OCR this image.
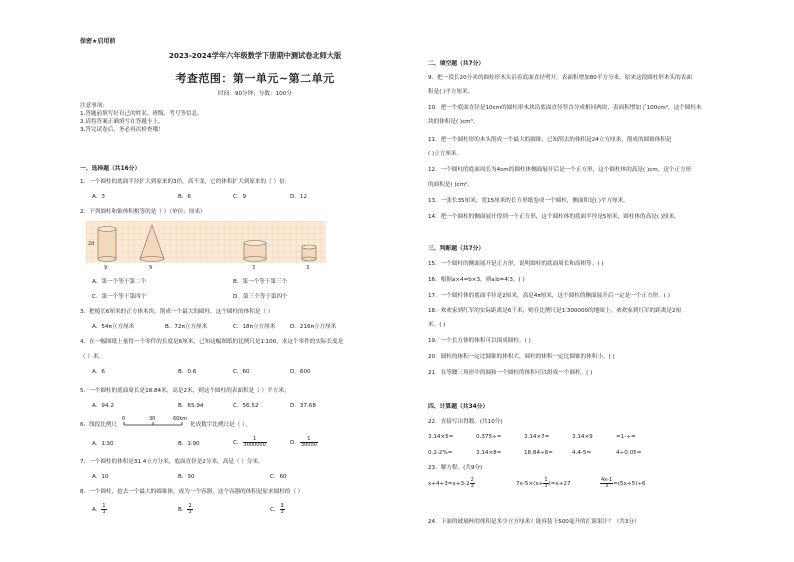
保密★启用前
2023-2024学年六年级数学下册期中测试卷北师大版
考查范围：第一单元~第二单元
时间：90分钟；分数：100分
注意事项：
1.答题前填写好自己的姓名、班级、考号等信息。
2.请将答案正确填写在答题卡上。
3.答完试卷后，务必再次检查哦！
一、选择题（共16分）
1．一个圆柱的底面半径扩大到原来的3倍，高不变，它的体积扩大到原来的（ ）倍。
A．3	B．6	C．9	D．12
2．下列圆柱和锥体积相等的是（ ）（单位：厘米）
2d
9	9	3	3
A．第一个等于第二个	B．第一个等于第三个
C．第一个等于第四个	D．第三个等于第四个
3．把棱长6厘米的正方体木块，削成一个最大的圆柱，这个圆柱的体积是（ ）
A．54π立方厘米	B．72π立方厘米	C．18π立方厘米	D．216π立方厘米
4．在一幅图纸上量得一个零件的长度是6厘米，已知这幅图纸的比例尺是1∶100，求这个零件的实际长度是
（ ）米。
A．6	B．0.6	C．60	D．600
5．一个圆柱的底面周长是18.84米，高是2米，则这个圆柱的表面积是（ ）平方米。
A．94.2	B．65.94	C．56.52	D．37.68
6．线段比例尺
0	30	60km
化成数字比例尺是（ ）。
A．1∶30	B．1∶90	C． $\frac{1}{3000000}$	D． $\frac{1}{30000}$
7．一个圆柱的体积是31.4立方分米，底面直径是2分米，高是（ ）分米。
A．10	B．30	C．60
8．一个圆柱，挖去一个最大的圆锥体，成为一个容器，这个容器的体积是原来圆柱的（ ）
A． $\frac{1}{3}$	B． $\frac{2}{3}$	C． $\frac{3}{3}$
二、填空题（共7分）
9．把一段长20分米的圆柱形木头沿着底面直径劈开，表面积增加80平方分米。原来这段圆柱形木头的表面
积是( )平方厘米。
10．把一个底面直径是10cm的圆柱形木块沿底面直径竖直分成相同两块，表面积增加了100cm²，这个圆柱木
块的体积是( )cm³。
11．把一个圆柱形的木头削成一个最大的圆锥，已知削去的体积是24立方厘米，削成的圆锥体积是
( )立方厘米。
12．一个圆柱的底面周长为4cm的圆柱体侧面展开后是一个正方形，这个圆柱体的高是( )cm，这个正方形
的面积是( )cm²。
13．一张长35厘米，宽15厘米的长方形纸卷成一个圆柱，侧面积是( )平方厘米。
14．把一个圆柱的侧面展开得到一个正方形，这个圆柱体的底面半径是5厘米，圆柱体的高是( )厘米。
三、判断题（共7分）
15．一个圆柱的侧面展开是正方形，说明圆柱的底面周长和高相等。( )
16．根据a×4=b×3，则a∶b=4∶3。( )
17．一个圆柱体的底面半径是2厘米，高是4π厘米，这个圆柱的侧面展开后一定是一个正方形。( )
18．欢欢家到红军的实际距离是6千米，则在比例尺是1∶300000的地图上，欢欢家到红军的距离是2厘
米。( )
19．一个长方体的体积可以围成圆柱。( )
20．圆柱的体积一定比圆锥的体积大，圆柱的体积一定比圆锥的体积小。( )
21．在等腰三角形中的圆和一个圆柱的体积可以组成一个圆柱。( )
四、计算题（共34分）
22．直接写出得数。(共10分)
3.14×5=	0.375÷=	3.14×7=	3.14×9	=1-÷=
0.2-2%=	3.14×8=	18.84÷6=	4.4-5=	4÷0.05=
23．解方程。(共9分)
$x+4+3=x+3-2 \frac{2}{3}$	$7x-5\times(x+ \frac{1}{3} )=x+27$	$\frac{4x-1}{3} =(5x+5)\div 6$
24．下面的玻璃杯的体积是多少立方厘米？能容装下500毫升的汇源果汁？（共3分）
